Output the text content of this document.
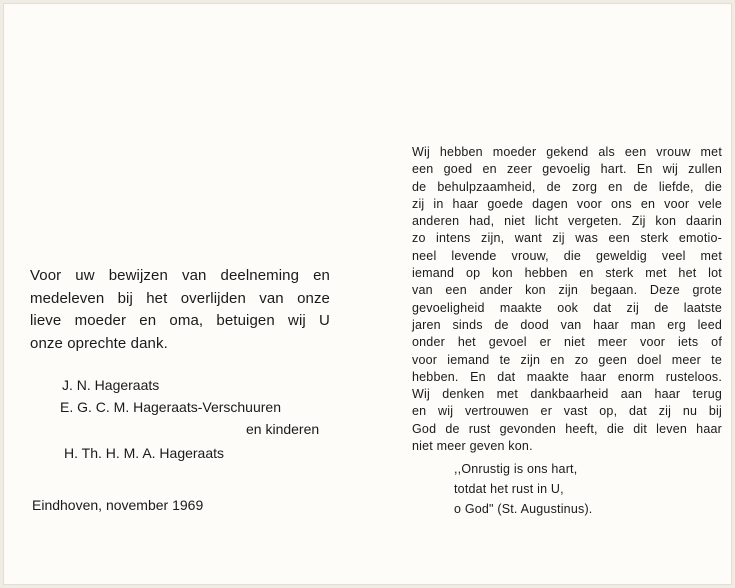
Voor uw bewijzen van deelneming en

medeleven bij het overlijden van onze

lieve moeder en oma, betuigen wij U

onze oprechte dank.

J. N. Hageraats
E. G. C. M. Hageraats-Verschuuren
en kinderen
H. Th. H. M. A. Hageraats
Eindhoven, november 1969

Wij hebben moeder gekend als een vrouw met

een goed en zeer gevoelig hart. En wij zullen

de behulpzaamheid, de zorg en de liefde, die

zij in haar goede dagen voor ons en voor vele

anderen had, niet licht vergeten. Zij kon daarin

zo intens zijn, want zij was een sterk emotio-

neel levende vrouw, die geweldig veel met

iemand op kon hebben en sterk met het lot

van een ander kon zijn begaan. Deze grote

gevoeligheid maakte ook dat zij de laatste

jaren sinds de dood van haar man erg leed

onder het gevoel er niet meer voor iets of

voor iemand te zijn en zo geen doel meer te

hebben. En dat maakte haar enorm rusteloos.

Wij denken met dankbaarheid aan haar terug

en wij vertrouwen er vast op, dat zij nu bij

God de rust gevonden heeft, die dit leven haar

niet meer geven kon.

,,Onrustig is ons hart,

totdat het rust in U,

o God" (St. Augustinus).
